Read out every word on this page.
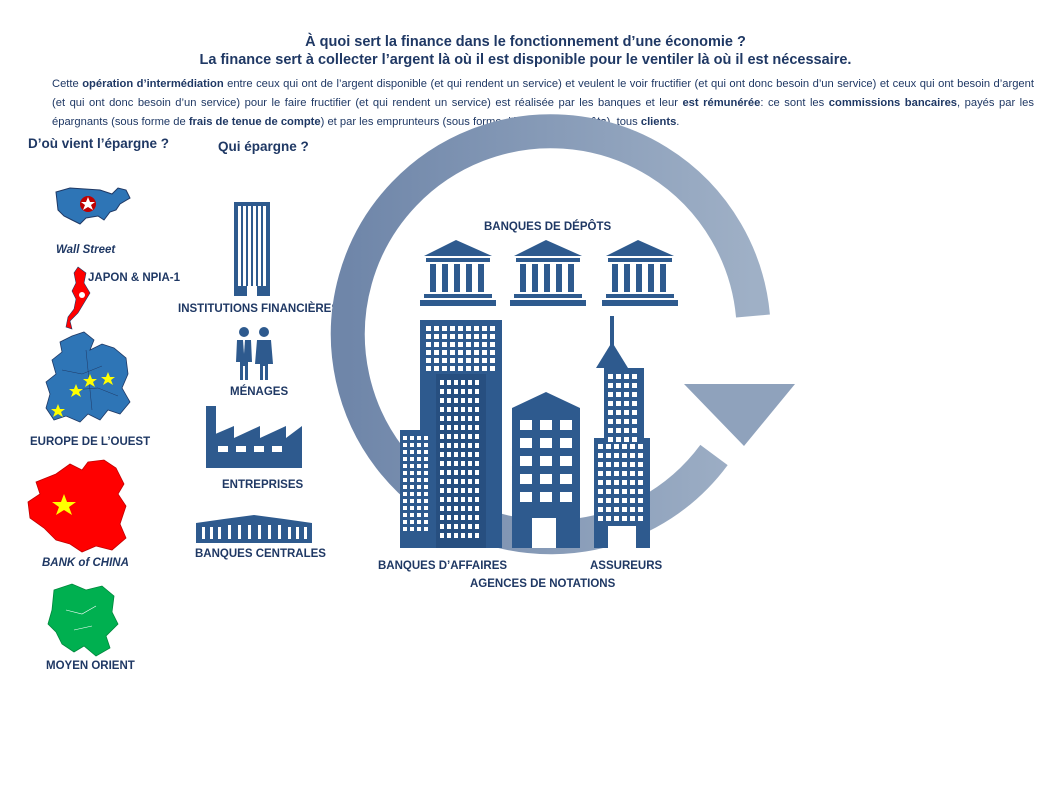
À quoi sert la finance dans le fonctionnement d’une économie ?
La finance sert à collecter l’argent là où il est disponible pour le ventiler là où il est nécessaire.
Cette opération d’intermédiation entre ceux qui ont de l’argent disponible (et qui rendent un service) et veulent le voir fructifier (et qui ont donc besoin d’un service) et ceux qui ont besoin d’argent (et qui ont donc besoin d’un service) pour le faire fructifier (et qui rendent un service) est réalisée par les banques et leur est rémunérée: ce sont les commissions bancaires, payés par les épargnants (sous forme de frais de tenue de compte) et par les emprunteurs (sous forme d’intérêts des prêts), tous clients.
D’où vient l’épargne ?	Qui épargne ?
Wall Street
JAPON & NPIA-1
EUROPE DE L’OUEST
BANK of CHINA
MOYEN ORIENT
INSTITUTIONS FINANCIÈRES
MÉNAGES
ENTREPRISES
BANQUES CENTRALES
BANQUES DE DÉPÔTS
BANQUES D’AFFAIRES	ASSUREURS
AGENCES DE NOTATIONS
